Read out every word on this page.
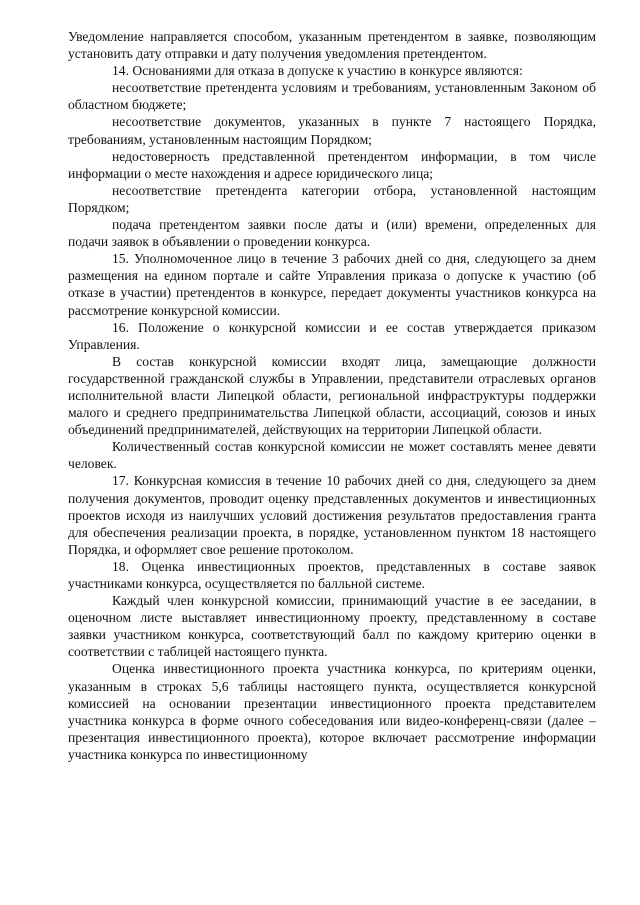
Уведомление направляется способом, указанным претендентом в заявке, позволяющим установить дату отправки и дату получения уведомления претендентом.

14. Основаниями для отказа в допуске к участию в конкурсе являются:

несоответствие претендента условиям и требованиям, установленным Законом об областном бюджете;

несоответствие документов, указанных в пункте 7 настоящего Порядка, требованиям, установленным настоящим Порядком;

недостоверность представленной претендентом информации, в том числе информации о месте нахождения и адресе юридического лица;

несоответствие претендента категории отбора, установленной настоящим Порядком;

подача претендентом заявки после даты и (или) времени, определенных для подачи заявок в объявлении о проведении конкурса.

15. Уполномоченное лицо в течение 3 рабочих дней со дня, следующего за днем размещения на едином портале и сайте Управления приказа о допуске к участию (об отказе в участии) претендентов в конкурсе, передает документы участников конкурса на рассмотрение конкурсной комиссии.

16. Положение о конкурсной комиссии и ее состав утверждается приказом Управления.

В состав конкурсной комиссии входят лица, замещающие должности государственной гражданской службы в Управлении, представители отраслевых органов исполнительной власти Липецкой области, региональной инфраструктуры поддержки малого и среднего предпринимательства Липецкой области, ассоциаций, союзов и иных объединений предпринимателей, действующих на территории Липецкой области.

Количественный состав конкурсной комиссии не может составлять менее девяти человек.

17. Конкурсная комиссия в течение 10 рабочих дней со дня, следующего за днем получения документов, проводит оценку представленных документов и инвестиционных проектов исходя из наилучших условий достижения результатов предоставления гранта для обеспечения реализации проекта, в порядке, установленном пунктом 18 настоящего Порядка, и оформляет свое решение протоколом.

18. Оценка инвестиционных проектов, представленных в составе заявок участниками конкурса, осуществляется по балльной системе.

Каждый член конкурсной комиссии, принимающий участие в ее заседании, в оценочном листе выставляет инвестиционному проекту, представленному в составе заявки участником конкурса, соответствующий балл по каждому критерию оценки в соответствии с таблицей настоящего пункта.

Оценка инвестиционного проекта участника конкурса, по критериям оценки, указанным в строках 5,6 таблицы настоящего пункта, осуществляется конкурсной комиссией на основании презентации инвестиционного проекта представителем участника конкурса в форме очного собеседования или видео-конференц-связи (далее – презентация инвестиционного проекта), которое включает рассмотрение информации участника конкурса по инвестиционному
